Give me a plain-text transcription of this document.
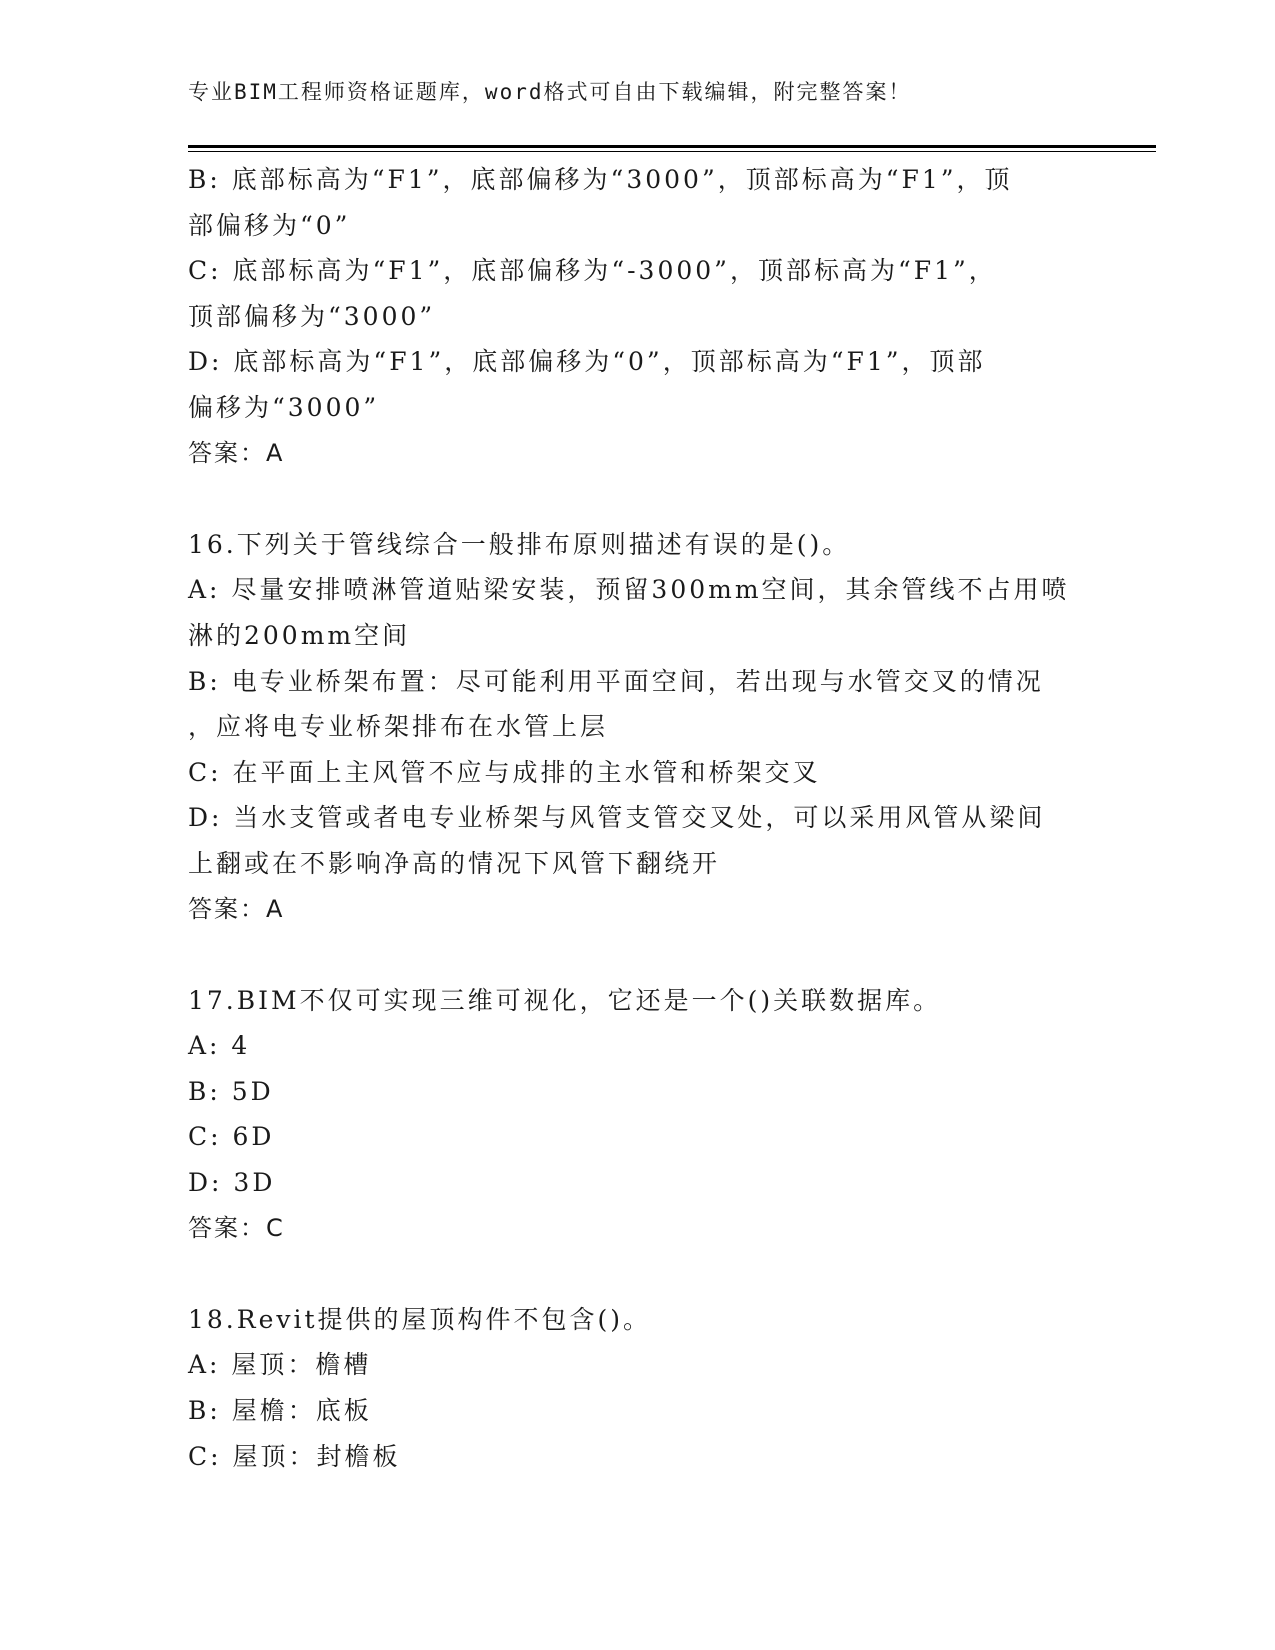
专业BIM工程师资格证题库，word格式可自由下载编辑，附完整答案！
B: 底部标高为“F1”，底部偏移为“3000”，顶部标高为“F1”，顶
部偏移为“0”
C: 底部标高为“F1”，底部偏移为“-3000”，顶部标高为“F1”，
顶部偏移为“3000”
D: 底部标高为“F1”，底部偏移为“0”，顶部标高为“F1”，顶部
偏移为“3000”
答案：A
16.下列关于管线综合一般排布原则描述有误的是()。
A: 尽量安排喷淋管道贴梁安装，预留300mm空间，其余管线不占用喷
淋的200mm空间
B: 电专业桥架布置：尽可能利用平面空间，若出现与水管交叉的情况
，应将电专业桥架排布在水管上层
C: 在平面上主风管不应与成排的主水管和桥架交叉
D: 当水支管或者电专业桥架与风管支管交叉处，可以采用风管从梁间
上翻或在不影响净高的情况下风管下翻绕开
答案：A
17.BIM不仅可实现三维可视化，它还是一个()关联数据库。
A: 4
B: 5D
C: 6D
D: 3D
答案：C
18.Revit提供的屋顶构件不包含()。
A: 屋顶：檐槽
B: 屋檐：底板
C: 屋顶：封檐板
